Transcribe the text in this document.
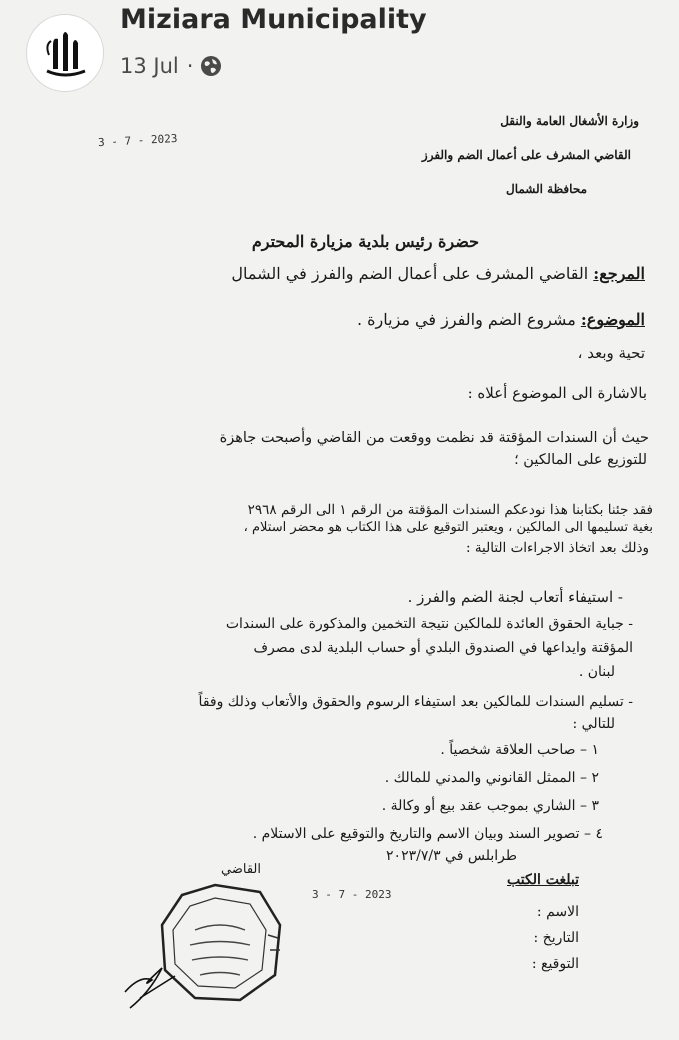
Miziara Municipality
13 Jul ·
3 - 7 - 2023
وزارة الأشغال العامة والنقل
القاضي المشرف على أعمال الضم والفرز
محافظة الشمال
حضرة رئيس بلدية مزيارة المحترم
المرجع: القاضي المشرف على أعمال الضم والفرز في الشمال
الموضوع: مشروع الضم والفرز في مزيارة .
تحية وبعد ،
بالاشارة الى الموضوع أعلاه :
حيث أن السندات المؤقتة قد نظمت ووقعت من القاضي وأصبحت جاهزة
للتوزيع على المالكين ؛
فقد جئنا بكتابنا هذا نودعكم السندات المؤقتة من الرقم ١ الى الرقم ٢٩٦٨
بغية تسليمها الى المالكين ، ويعتبر التوقيع على هذا الكتاب هو محضر استلام ،
وذلك بعد اتخاذ الاجراءات التالية :
- استيفاء أتعاب لجنة الضم والفرز .
- جباية الحقوق العائدة للمالكين نتيجة التخمين والمذكورة على السندات
المؤقتة وايداعها في الصندوق البلدي أو حساب البلدية لدى مصرف
لبنان .
- تسليم السندات للمالكين بعد استيفاء الرسوم والحقوق والأتعاب وذلك وفقاً
للتالي :
١ – صاحب العلاقة شخصياً .
٢ – الممثل القانوني والمدني للمالك .
٣ – الشاري بموجب عقد بيع أو وكالة .
٤ – تصوير السند وبيان الاسم والتاريخ والتوقيع على الاستلام .
طرابلس في ٢٠٢٣/٧/٣
القاضي
تبلغت الكتب
الاسم :
التاريخ :
التوقيع :
3 - 7 - 2023
